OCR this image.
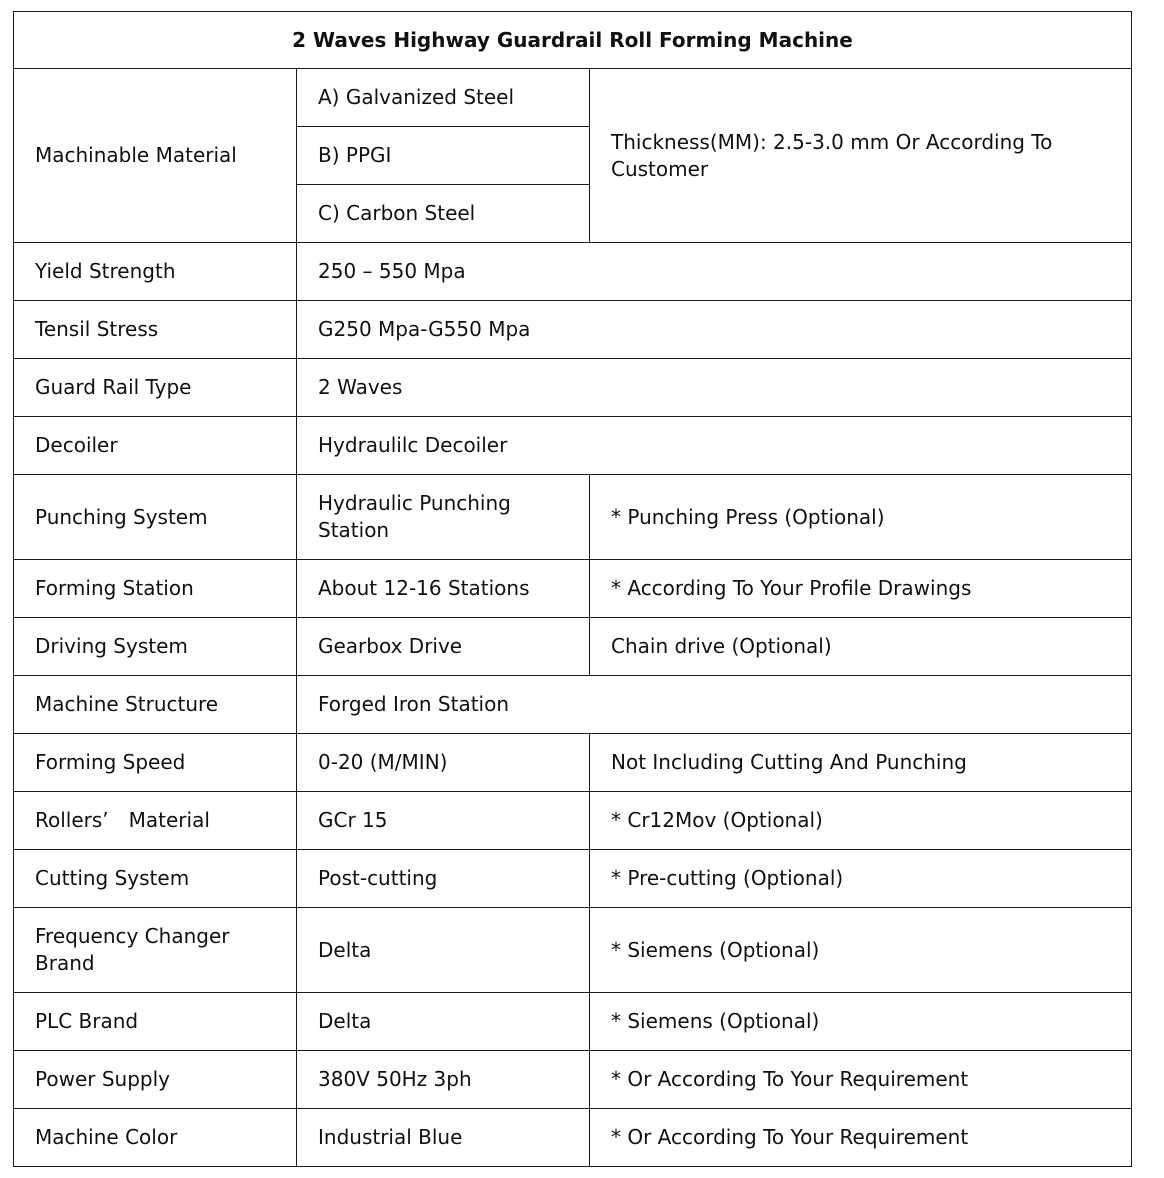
2 Waves Highway Guardrail Roll Forming Machine		
Machinable Material	A) Galvanized Steel	Thickness(MM): 2.5-3.0 mm Or According To Customer
	B) PPGI	
	C) Carbon Steel	
Yield Strength	250 – 550 Mpa	
Tensil Stress	G250 Mpa-G550 Mpa	
Guard Rail Type	2 Waves	
Decoiler	Hydraulilc Decoiler	
Punching System	Hydraulic Punching Station	* Punching Press (Optional)
Forming Station	About 12-16 Stations	* According To Your Profile Drawings
Driving System	Gearbox Drive	Chain drive (Optional)
Machine Structure	Forged Iron Station	
Forming Speed	0-20 (M/MIN)	Not Including Cutting And Punching
Rollers’　Material	GCr 15	* Cr12Mov (Optional)
Cutting System	Post-cutting	* Pre-cutting (Optional)
Frequency Changer Brand	Delta	* Siemens (Optional)
PLC Brand	Delta	* Siemens (Optional)
Power Supply	380V 50Hz 3ph	* Or According To Your Requirement
Machine Color	Industrial Blue	* Or According To Your Requirement
